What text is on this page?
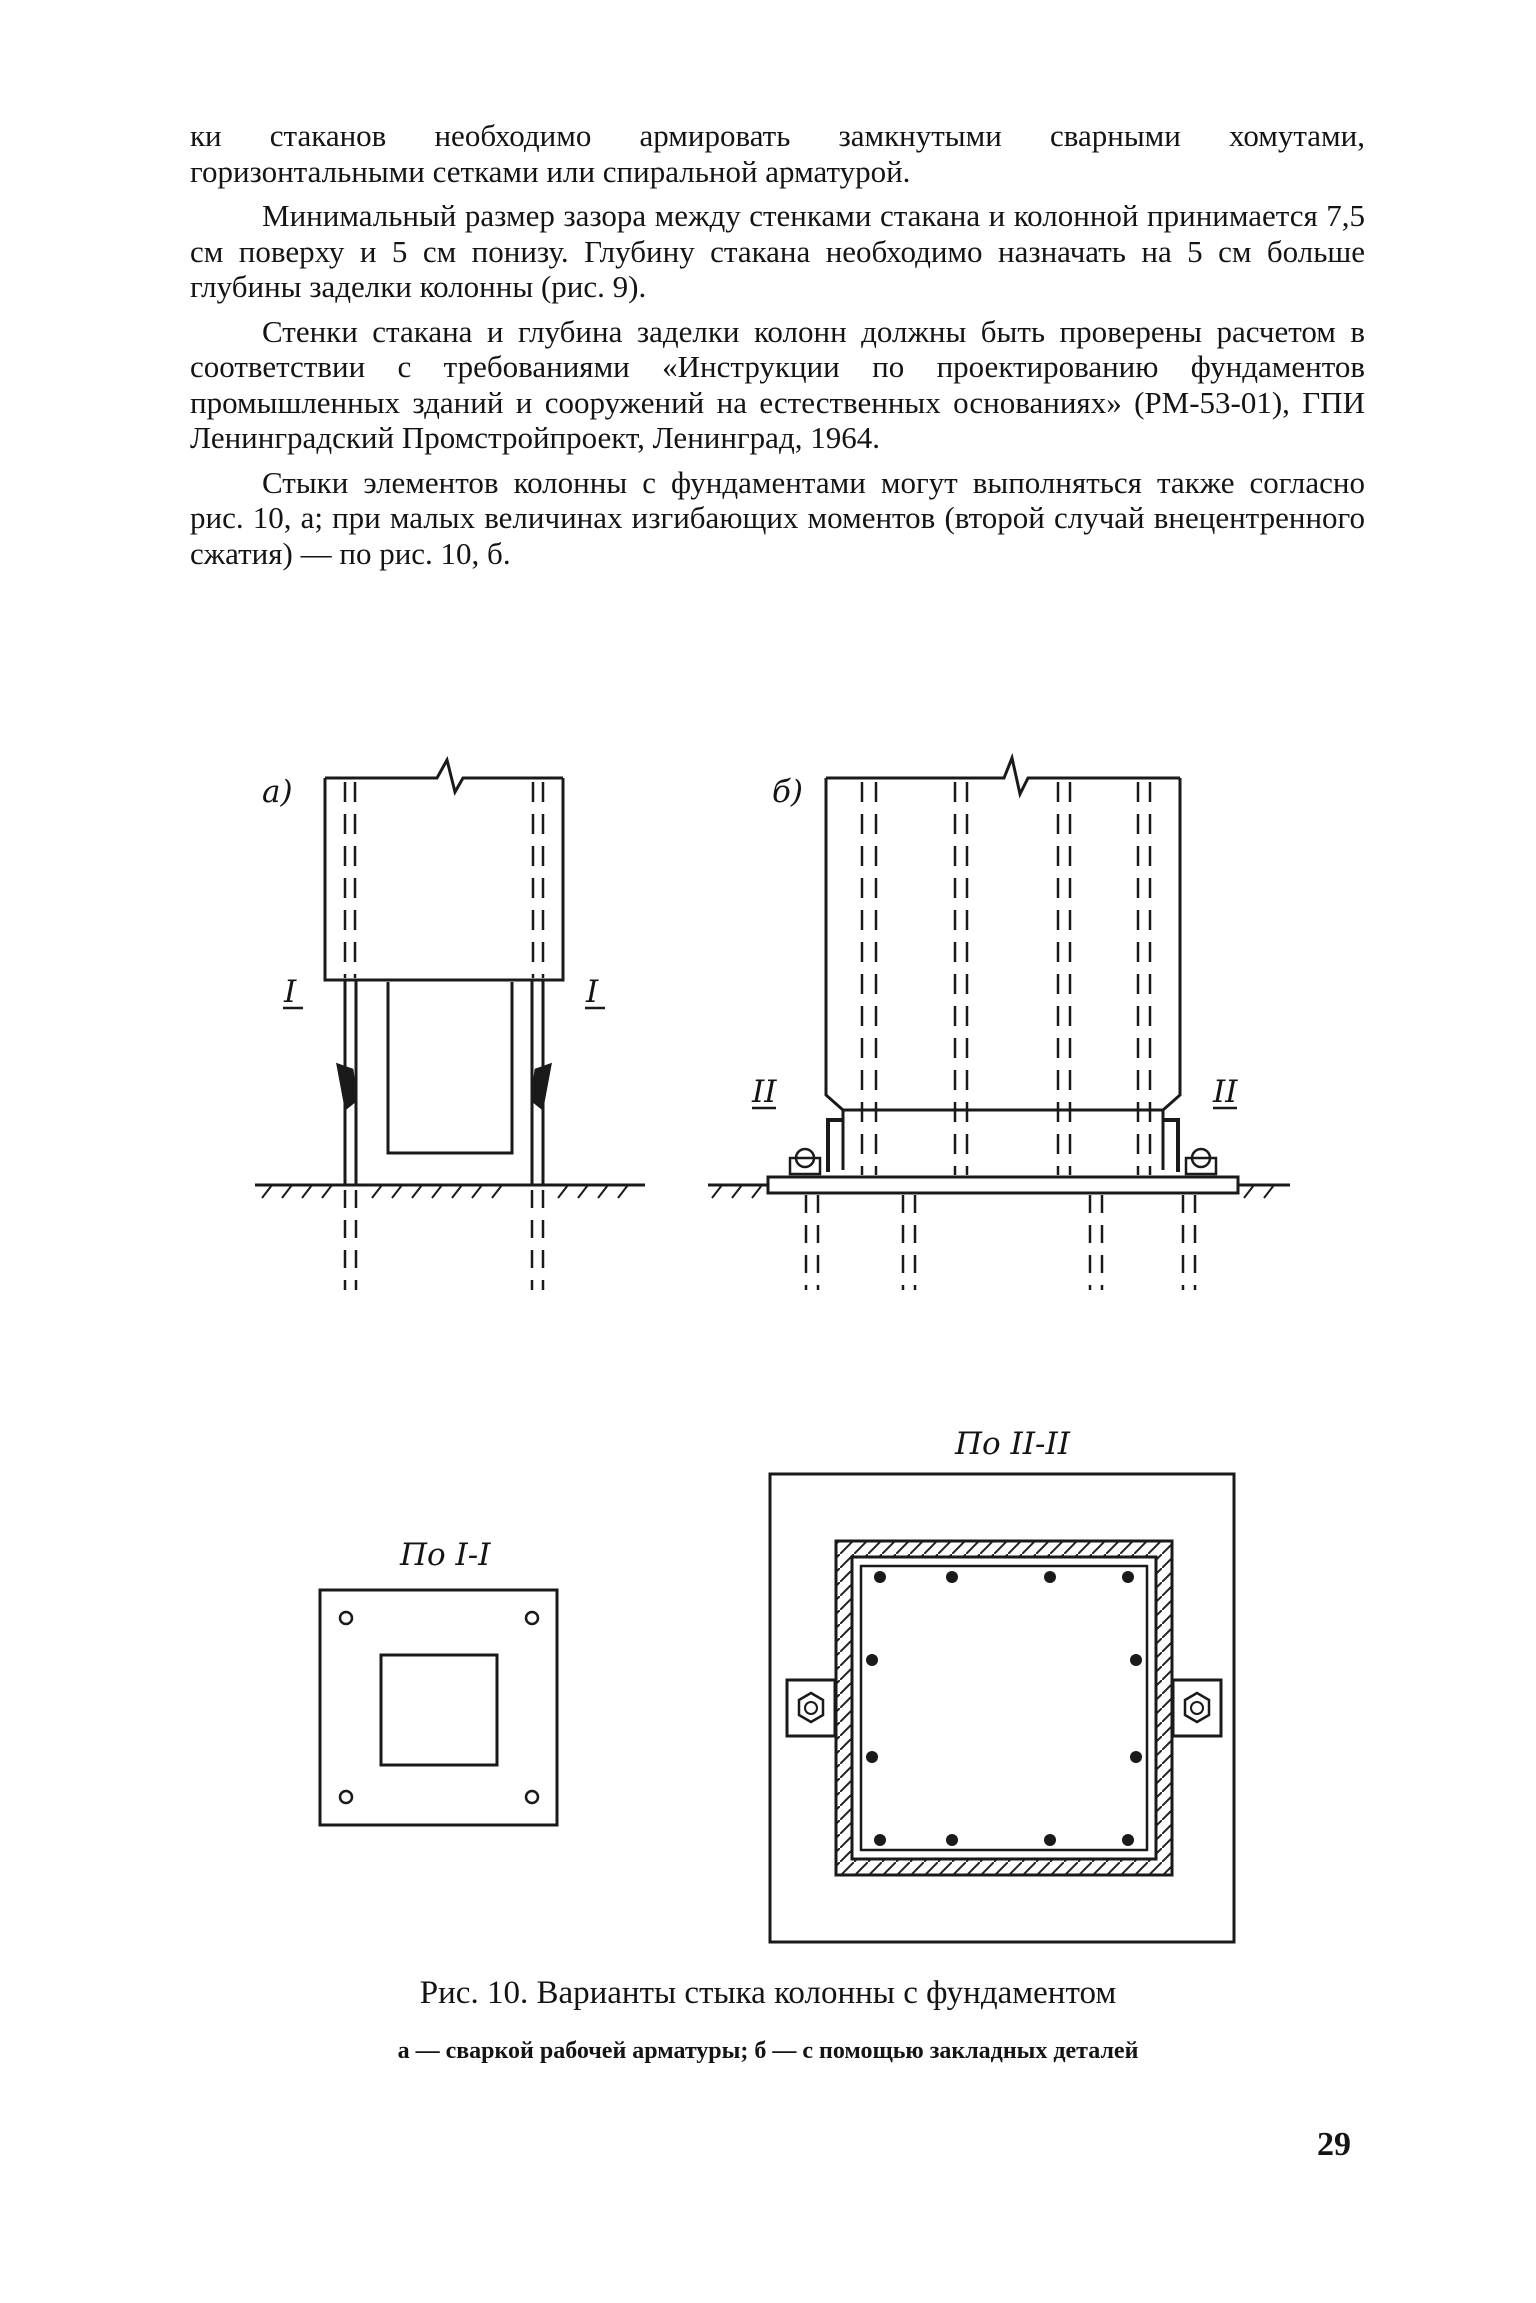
ки стаканов необходимо армировать замкнутыми сварными хомутами, горизонтальными сетками или спиральной арматурой.

Минимальный размер зазора между стенками стакана и колонной принимается 7,5 см поверху и 5 см понизу. Глубину стакана необходимо назначать на 5 см больше глубины заделки колонны (рис. 9).

Стенки стакана и глубина заделки колонн должны быть проверены расчетом в соответствии с требованиями «Инструкции по проектированию фундаментов промышленных зданий и сооружений на естественных основаниях» (РМ-53-01), ГПИ Ленинградский Промстройпроект, Ленинград, 1964.

Стыки элементов колонны с фундаментами могут выполняться также согласно рис. 10, а; при малых величинах изгибающих моментов (второй случай внецентренного сжатия) — по рис. 10, б.

а)
I	I
б)
II	II
По I-I
По II-II
Рис. 10. Варианты стыка колонны с фундаментом
а — сваркой рабочей арматуры; б — с помощью закладных деталей
29
